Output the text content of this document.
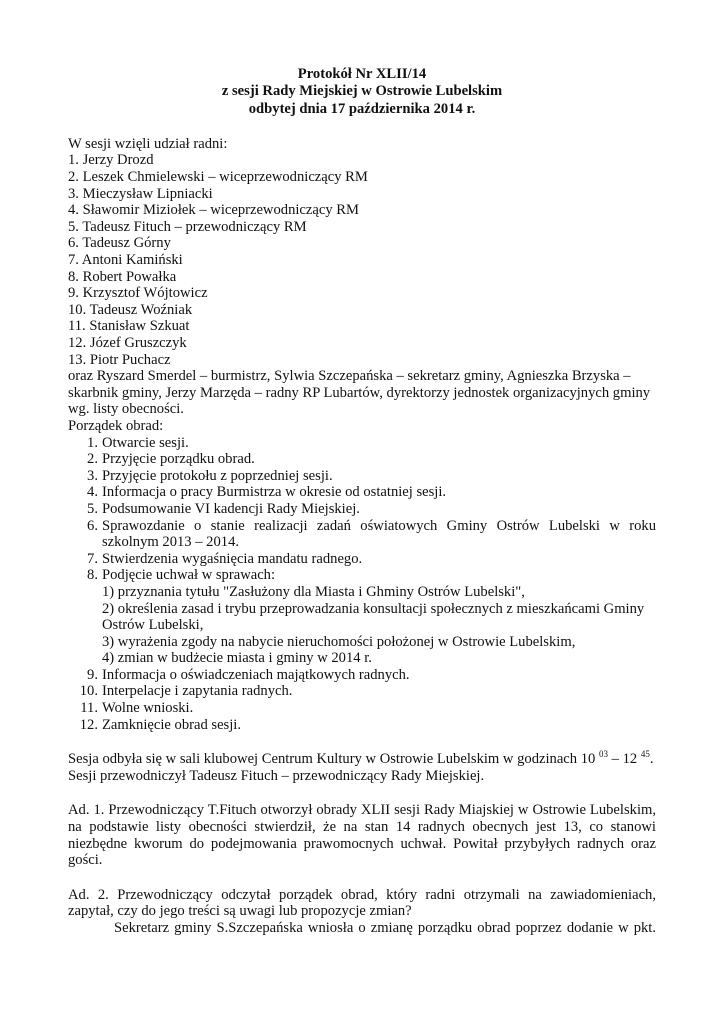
Protokół Nr XLII/14
z sesji Rady Miejskiej w Ostrowie Lubelskim
odbytej dnia 17 października 2014 r.
W sesji wzięli udział radni:
1. Jerzy Drozd
2. Leszek Chmielewski – wiceprzewodniczący RM
3. Mieczysław Lipniacki
4. Sławomir Miziołek – wiceprzewodniczący RM
5. Tadeusz Fituch – przewodniczący RM
6. Tadeusz Górny
7. Antoni Kamiński
8. Robert Powałka
9. Krzysztof Wójtowicz
10. Tadeusz Woźniak
11. Stanisław Szkuat
12. Józef Gruszczyk
13. Piotr Puchacz
oraz Ryszard Smerdel – burmistrz, Sylwia Szczepańska – sekretarz gminy, Agnieszka Brzyska –
skarbnik gminy, Jerzy Marzęda – radny RP Lubartów, dyrektorzy jednostek organizacyjnych gminy
wg. listy obecności.
Porządek obrad:
1. Otwarcie sesji.
2. Przyjęcie porządku obrad.
3. Przyjęcie protokołu z poprzedniej sesji.
4. Informacja o pracy Burmistrza w okresie od ostatniej sesji.
5. Podsumowanie VI kadencji Rady Miejskiej.
6. Sprawozdanie o stanie realizacji zadań oświatowych Gminy Ostrów Lubelski w roku
szkolnym 2013 – 2014.
7. Stwierdzenia wygaśnięcia mandatu radnego.
8. Podjęcie uchwał w sprawach:
1) przyznania tytułu "Zasłużony dla Miasta i Ghminy Ostrów Lubelski",
2) określenia zasad i trybu przeprowadzania konsultacji społecznych z mieszkańcami Gminy
Ostrów Lubelski,
3) wyrażenia zgody na nabycie nieruchomości położonej w Ostrowie Lubelskim,
4) zmian w budżecie miasta i gminy w 2014 r.
9. Informacja o oświadczeniach majątkowych radnych.
10. Interpelacje i zapytania radnych.
11. Wolne wnioski.
12. Zamknięcie obrad sesji.
Sesja odbyła się w sali klubowej Centrum Kultury w Ostrowie Lubelskim w godzinach 10 $^{03}$ – 12 $^{45}$.
Sesji przewodniczył Tadeusz Fituch – przewodniczący Rady Miejskiej.
Ad. 1. Przewodniczący T.Fituch otworzył obrady XLII sesji Rady Miajskiej w Ostrowie Lubelskim,
na podstawie listy obecności stwierdził, że na stan 14 radnych obecnych jest 13, co stanowi
niezbędne kworum do podejmowania prawomocnych uchwał. Powitał przybyłych radnych oraz
gości.
Ad. 2. Przewodniczący odczytał porządek obrad, który radni otrzymali na zawiadomieniach,
zapytał, czy do jego treści są uwagi lub propozycje zmian?
Sekretarz gminy S.Szczepańska wniosła o zmianę porządku obrad poprzez dodanie w pkt.
